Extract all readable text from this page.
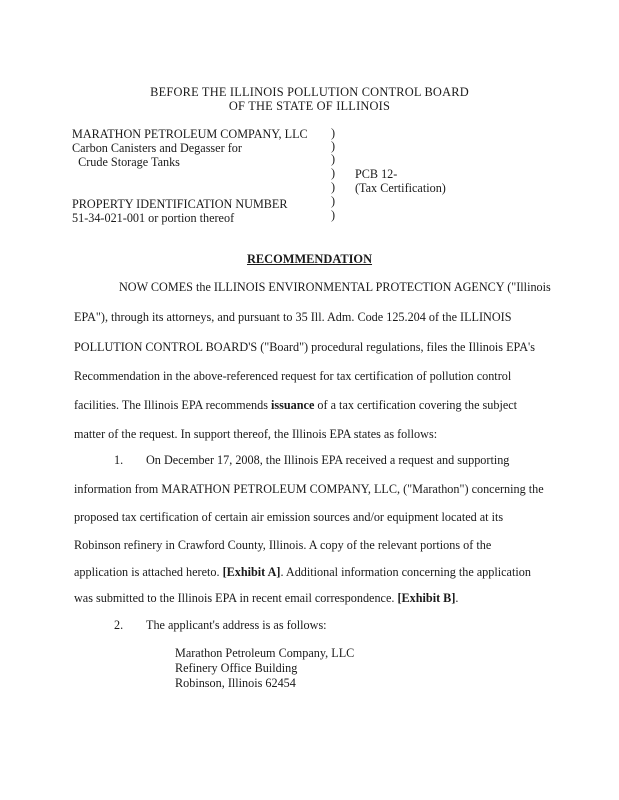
BEFORE THE ILLINOIS POLLUTION CONTROL BOARD
OF THE STATE OF ILLINOIS
MARATHON PETROLEUM COMPANY, LLC
Carbon Canisters and Degasser for
Crude Storage Tanks
PROPERTY IDENTIFICATION NUMBER
51-34-021-001 or portion thereof
)
)
)
)
)
)
)
PCB 12-
(Tax Certification)
RECOMMENDATION
NOW COMES the ILLINOIS ENVIRONMENTAL PROTECTION AGENCY ("Illinois
EPA"), through its attorneys, and pursuant to 35 Ill. Adm. Code 125.204 of the ILLINOIS
POLLUTION CONTROL BOARD'S ("Board") procedural regulations, files the Illinois EPA's
Recommendation in the above-referenced request for tax certification of pollution control
facilities. The Illinois EPA recommends issuance of a tax certification covering the subject
matter of the request. In support thereof, the Illinois EPA states as follows:
1. On December 17, 2008, the Illinois EPA received a request and supporting
information from MARATHON PETROLEUM COMPANY, LLC, ("Marathon") concerning the
proposed tax certification of certain air emission sources and/or equipment located at its
Robinson refinery in Crawford County, Illinois. A copy of the relevant portions of the
application is attached hereto. [Exhibit A]. Additional information concerning the application
was submitted to the Illinois EPA in recent email correspondence. [Exhibit B].
2. The applicant's address is as follows:
Marathon Petroleum Company, LLC
Refinery Office Building
Robinson, Illinois 62454
